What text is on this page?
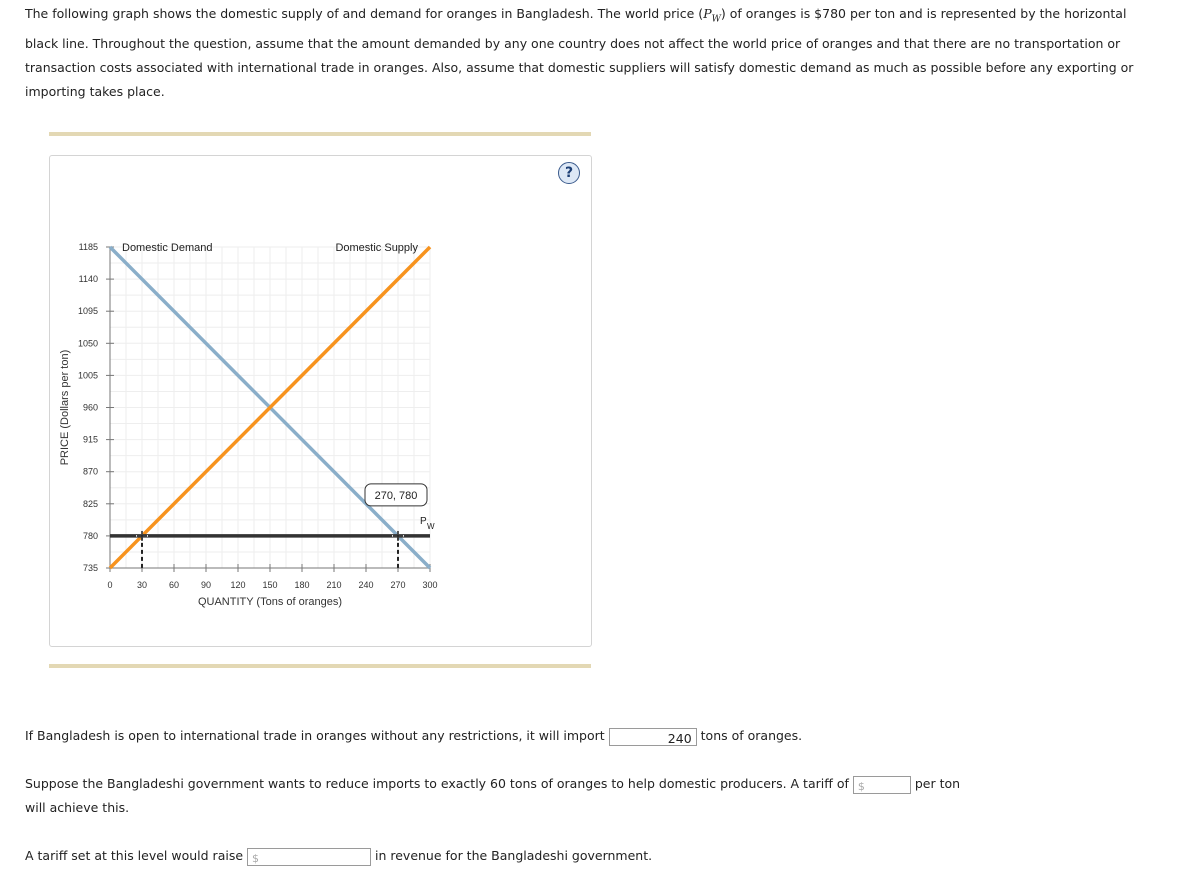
The following graph shows the domestic supply of and demand for oranges in Bangladesh. The world price $(P_W)$ of oranges is $780 per ton and is represented by the horizontal black line. Throughout the question, assume that the amount demanded by any one country does not affect the world price of oranges and that there are no transportation or transaction costs associated with international trade in oranges. Also, assume that domestic suppliers will satisfy domestic demand as much as possible before any exporting or importing takes place.
?
0	30 60 90 120 150 180 210 240 270 300
735
780
825
870
915
960
1005
1050
1095
1140
1185
QUANTITY (Tons of oranges)
PRICE (Dollars per ton)
Domestic Demand	Domestic Supply
P W
270, 780
If Bangladesh is open to international trade in oranges without any restrictions, it will import	240 tons of oranges.
Suppose the Bangladeshi government wants to reduce imports to exactly 60 tons of oranges to help domestic producers. A tariff of $	per ton
will achieve this.
A tariff set at this level would raise $	in revenue for the Bangladeshi government.
